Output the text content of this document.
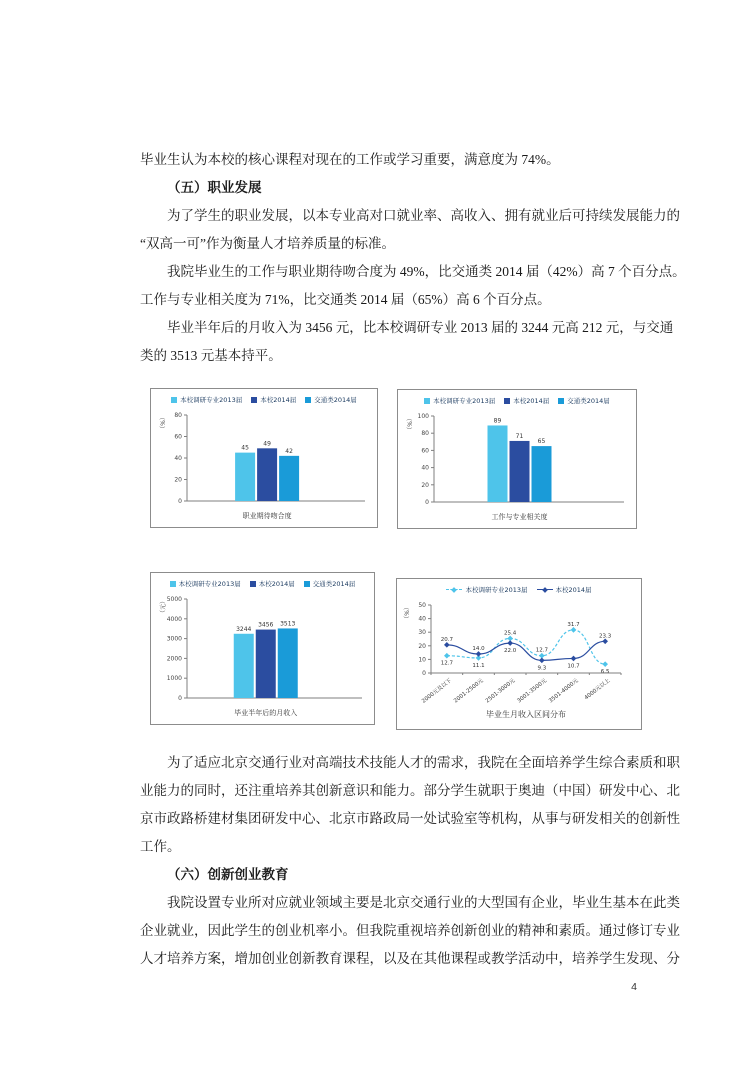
毕业生认为本校的核心课程对现在的工作或学习重要，满意度为 74%。
（五）职业发展
为了学生的职业发展，以本专业高对口就业率、高收入、拥有就业后可持续发展能力的
“双高一可”作为衡量人才培养质量的标准。
我院毕业生的工作与职业期待吻合度为 49%，比交通类 2014 届（42%）高 7 个百分点。
工作与专业相关度为 71%，比交通类 2014 届（65%）高 6 个百分点。
毕业半年后的月收入为 3456 元，比本校调研专业 2013 届的 3244 元高 212 元，与交通
类的 3513 元基本持平。
本校调研专业2013届	本校2014届	交通类2014届
0
20
40
60
80
（%）
45
49
42
职业期待吻合度
本校调研专业2013届	本校2014届	交通类2014届
0
20
40
60
80
100
（%）	89
71
65
工作与专业相关度
本校调研专业2013届	本校2014届	交通类2014届
0
1000
2000
3000
4000
5000
（元）
3244
3456 3513
毕业半年后的月收入
本校调研专业2013届	本校2014届
0
10
20
30
40
50
（%）
2000元及以下 2001-2500元 2501-3000元 3001-3500元 3501-4000元 4000元以上
12.7	11.1
25.4
12.7
31.7
6.5
20.7
14.0	22.0
9.3	10.7
23.3
毕业生月收入区间分布
为了适应北京交通行业对高端技术技能人才的需求，我院在全面培养学生综合素质和职
业能力的同时，还注重培养其创新意识和能力。部分学生就职于奥迪（中国）研发中心、北
京市政路桥建材集团研发中心、北京市路政局一处试验室等机构，从事与研发相关的创新性
工作。
（六）创新创业教育
我院设置专业所对应就业领域主要是北京交通行业的大型国有企业，毕业生基本在此类
企业就业，因此学生的创业机率小。但我院重视培养创新创业的精神和素质。通过修订专业
人才培养方案，增加创业创新教育课程，以及在其他课程或教学活动中，培养学生发现、分
4
